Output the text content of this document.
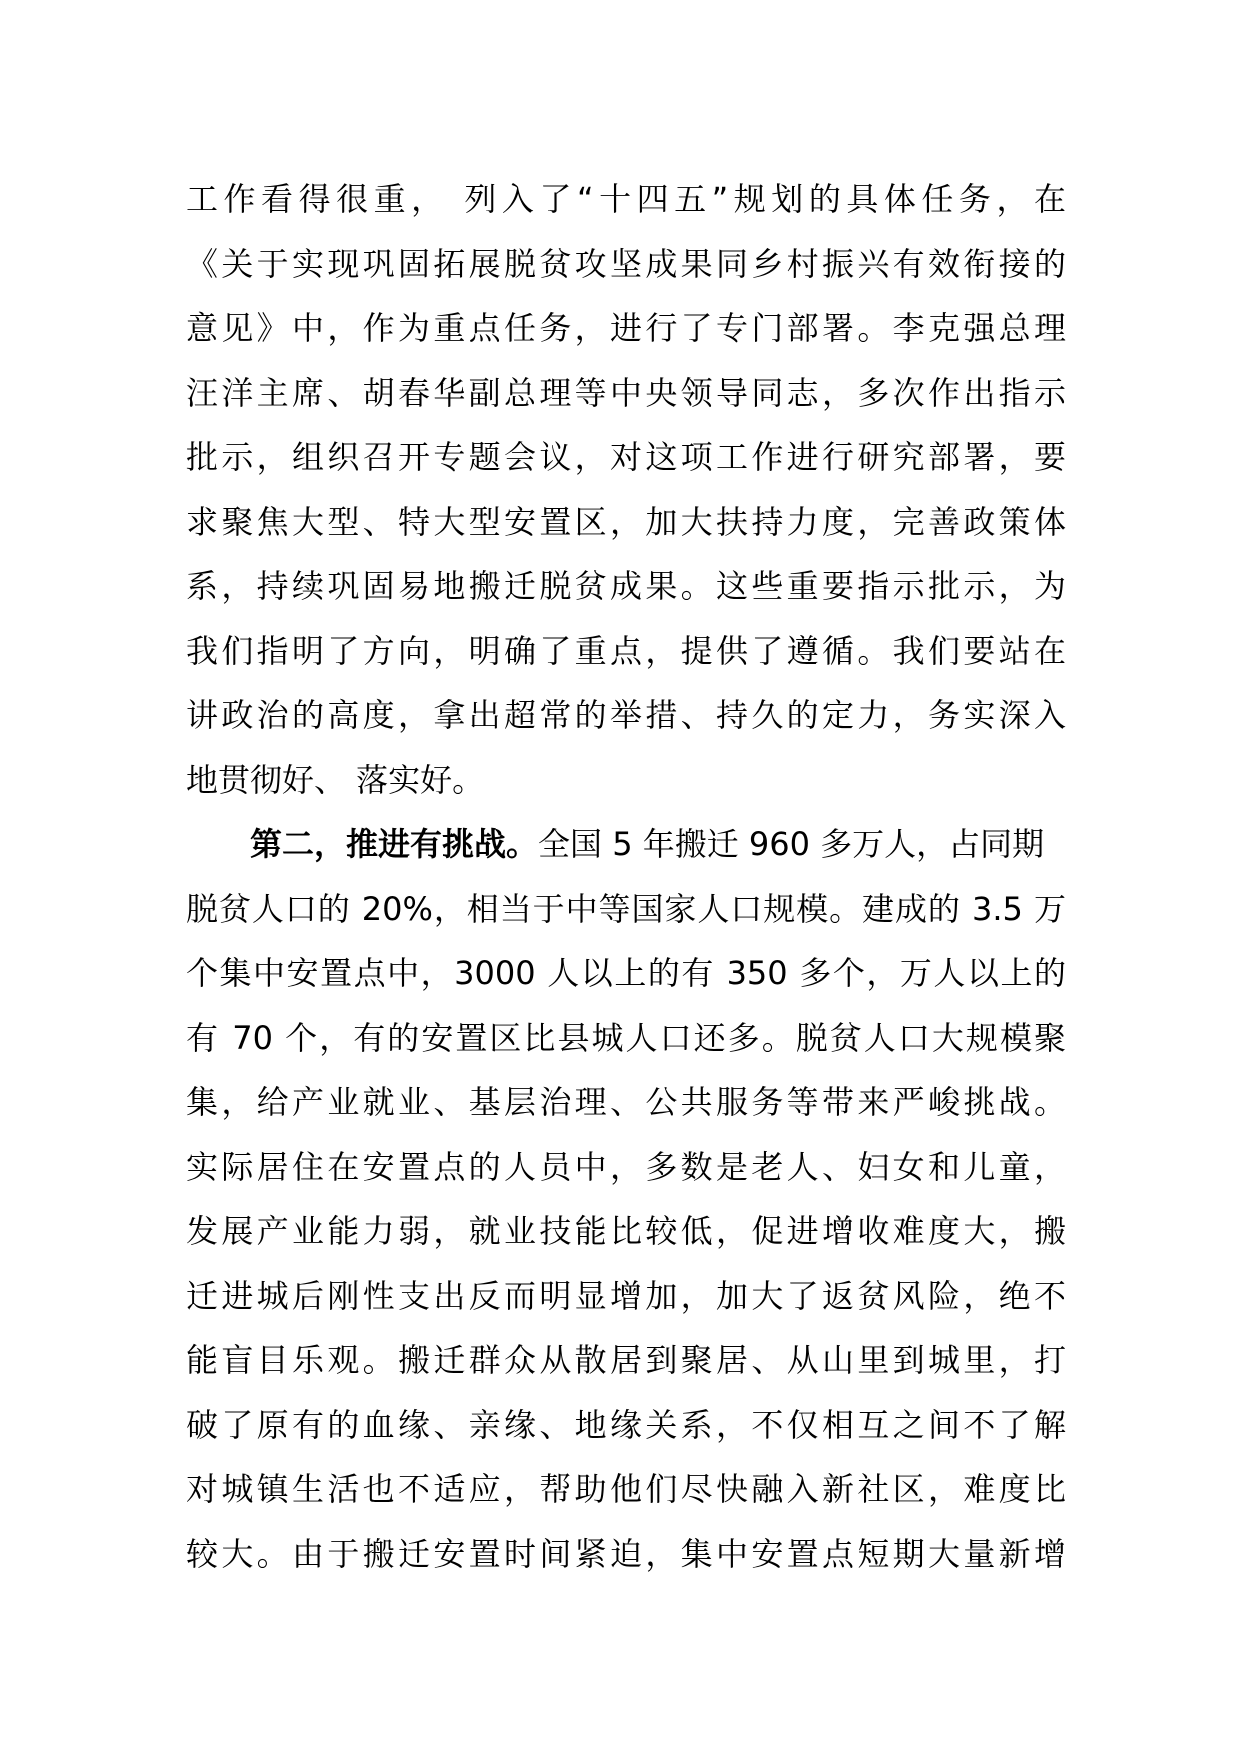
工作看得很重， 列入了“十四五”规划的具体任务，在
《关于实现巩固拓展脱贫攻坚成果同乡村振兴有效衔接的
意见》中，作为重点任务，进行了专门部署。李克强总理
汪洋主席、胡春华副总理等中央领导同志，多次作出指示
批示，组织召开专题会议，对这项工作进行研究部署，要
求聚焦大型、特大型安置区，加大扶持力度，完善政策体
系，持续巩固易地搬迁脱贫成果。这些重要指示批示，为
我们指明了方向，明确了重点，提供了遵循。我们要站在
讲政治的高度，拿出超常的举措、持久的定力，务实深入
地贯彻好、 落实好。
第二，推进有挑战。全国 5 年搬迁 960 多万人，占同期
脱贫人口的 20%，相当于中等国家人口规模。建成的 3.5 万
个集中安置点中，3000 人以上的有 350 多个，万人以上的
有 70 个，有的安置区比县城人口还多。脱贫人口大规模聚
集，给产业就业、基层治理、公共服务等带来严峻挑战。
实际居住在安置点的人员中，多数是老人、妇女和儿童，
发展产业能力弱，就业技能比较低，促进增收难度大，搬
迁进城后刚性支出反而明显增加，加大了返贫风险，绝不
能盲目乐观。搬迁群众从散居到聚居、从山里到城里，打
破了原有的血缘、亲缘、地缘关系，不仅相互之间不了解
对城镇生活也不适应，帮助他们尽快融入新社区，难度比
较大。由于搬迁安置时间紧迫，集中安置点短期大量新增
